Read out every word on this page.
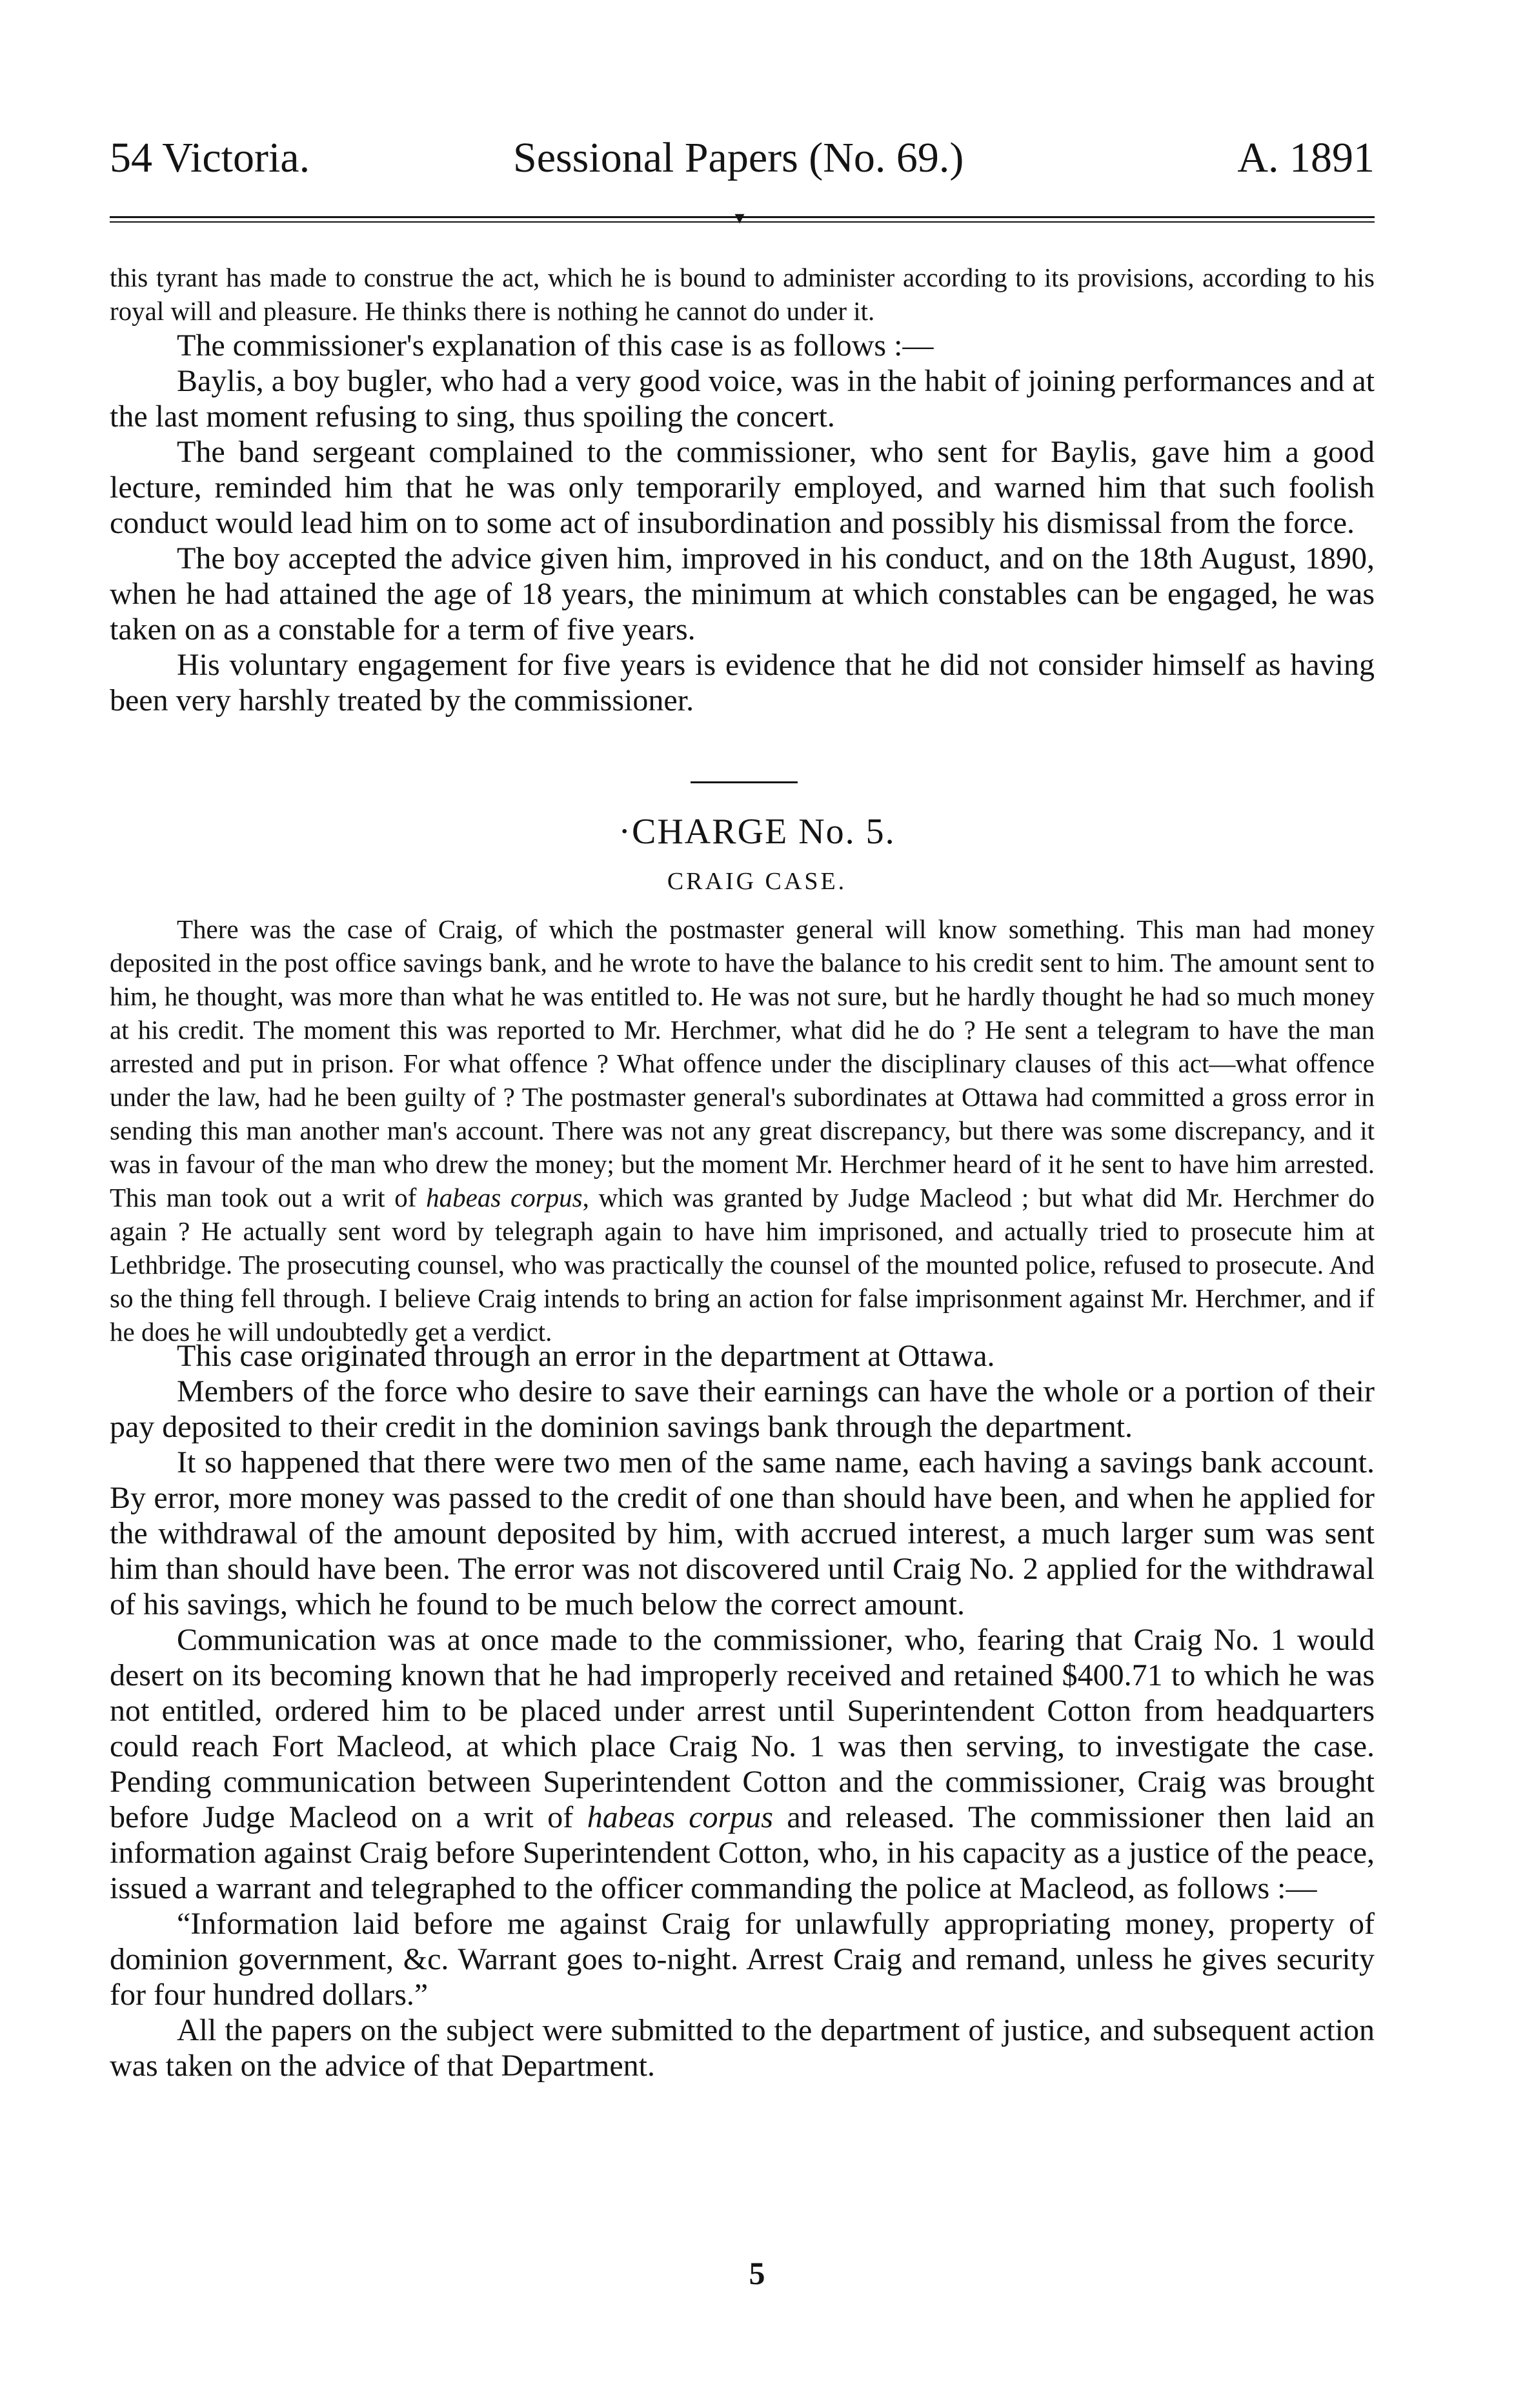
54 Victoria.	Sessional Papers (No. 69.)	A. 1891
▾

this tyrant has made to construe the act, which he is bound to administer according to its provisions, according to his royal will and pleasure. He thinks there is nothing he cannot do under it.

The commissioner's explanation of this case is as follows :—

Baylis, a boy bugler, who had a very good voice, was in the habit of joining performances and at the last moment refusing to sing, thus spoiling the concert.

The band sergeant complained to the commissioner, who sent for Baylis, gave him a good lecture, reminded him that he was only temporarily employed, and warned him that such foolish conduct would lead him on to some act of insubordination and possibly his dismissal from the force.

The boy accepted the advice given him, improved in his conduct, and on the 18th August, 1890, when he had attained the age of 18 years, the minimum at which constables can be engaged, he was taken on as a constable for a term of five years.

His voluntary engagement for five years is evidence that he did not consider himself as having been very harshly treated by the commissioner.

·CHARGE No. 5.
CRAIG CASE.

There was the case of Craig, of which the postmaster general will know something. This man had money deposited in the post office savings bank, and he wrote to have the balance to his credit sent to him. The amount sent to him, he thought, was more than what he was entitled to. He was not sure, but he hardly thought he had so much money at his credit. The moment this was reported to Mr. Herchmer, what did he do ? He sent a telegram to have the man arrested and put in prison. For what offence ? What offence under the disciplinary clauses of this act—what offence under the law, had he been guilty of ? The postmaster general's subordinates at Ottawa had committed a gross error in sending this man another man's account. There was not any great discrepancy, but there was some discrepancy, and it was in favour of the man who drew the money; but the moment Mr. Herchmer heard of it he sent to have him arrested. This man took out a writ of habeas corpus, which was granted by Judge Macleod ; but what did Mr. Herchmer do again ? He actually sent word by telegraph again to have him imprisoned, and actually tried to prosecute him at Lethbridge. The prosecuting counsel, who was practically the counsel of the mounted police, refused to prosecute. And so the thing fell through. I believe Craig intends to bring an action for false imprisonment against Mr. Herchmer, and if he does he will undoubtedly get a verdict.

This case originated through an error in the department at Ottawa.

Members of the force who desire to save their earnings can have the whole or a portion of their pay deposited to their credit in the dominion savings bank through the department.

It so happened that there were two men of the same name, each having a savings bank account. By error, more money was passed to the credit of one than should have been, and when he applied for the withdrawal of the amount deposited by him, with accrued interest, a much larger sum was sent him than should have been. The error was not discovered until Craig No. 2 applied for the withdrawal of his savings, which he found to be much below the correct amount.

Communication was at once made to the commissioner, who, fearing that Craig No. 1 would desert on its becoming known that he had improperly received and retained $400.71 to which he was not entitled, ordered him to be placed under arrest until Superintendent Cotton from headquarters could reach Fort Macleod, at which place Craig No. 1 was then serving, to investigate the case. Pending communication between Superintendent Cotton and the commissioner, Craig was brought before Judge Macleod on a writ of habeas corpus and released. The commissioner then laid an information against Craig before Superintendent Cotton, who, in his capacity as a justice of the peace, issued a warrant and telegraphed to the officer commanding the police at Macleod, as follows :—

“Information laid before me against Craig for unlawfully appropriating money, property of dominion government, &c. Warrant goes to-night. Arrest Craig and remand, unless he gives security for four hundred dollars.”

All the papers on the subject were submitted to the department of justice, and subsequent action was taken on the advice of that Department.

5
